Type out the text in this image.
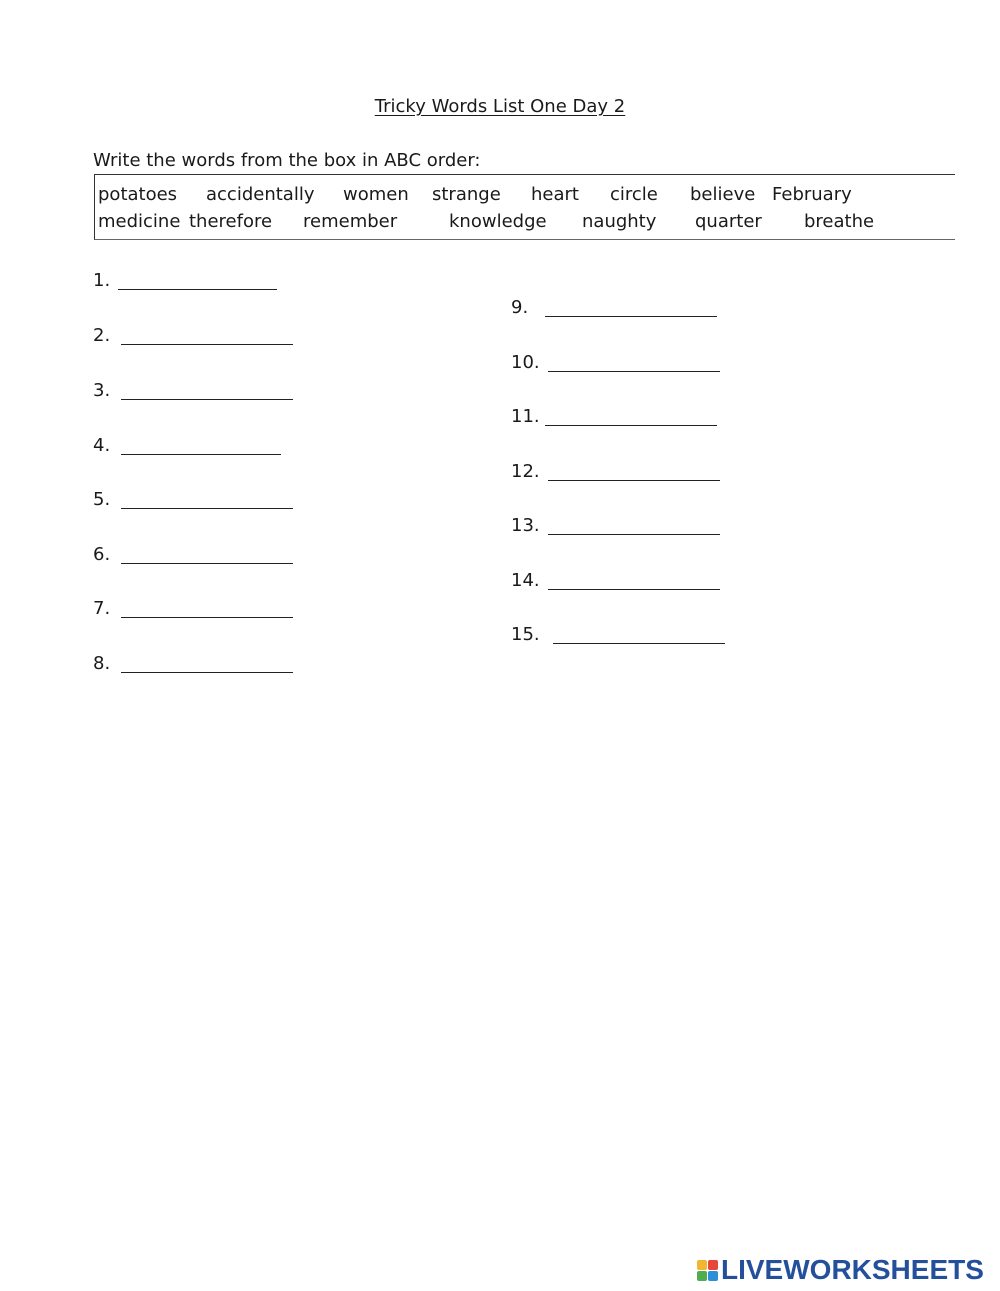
Tricky Words List One Day 2
Write the words from the box in ABC order:
potatoes accidentally women strange heart circle believe February
medicine therefore remember	knowledge naughty quarter breathe
1.
2.
3.
4.
5.
6.
7.
8.
9.
10.
11.
12.
13.
14.
15.
LIVEWORKSHEETS
